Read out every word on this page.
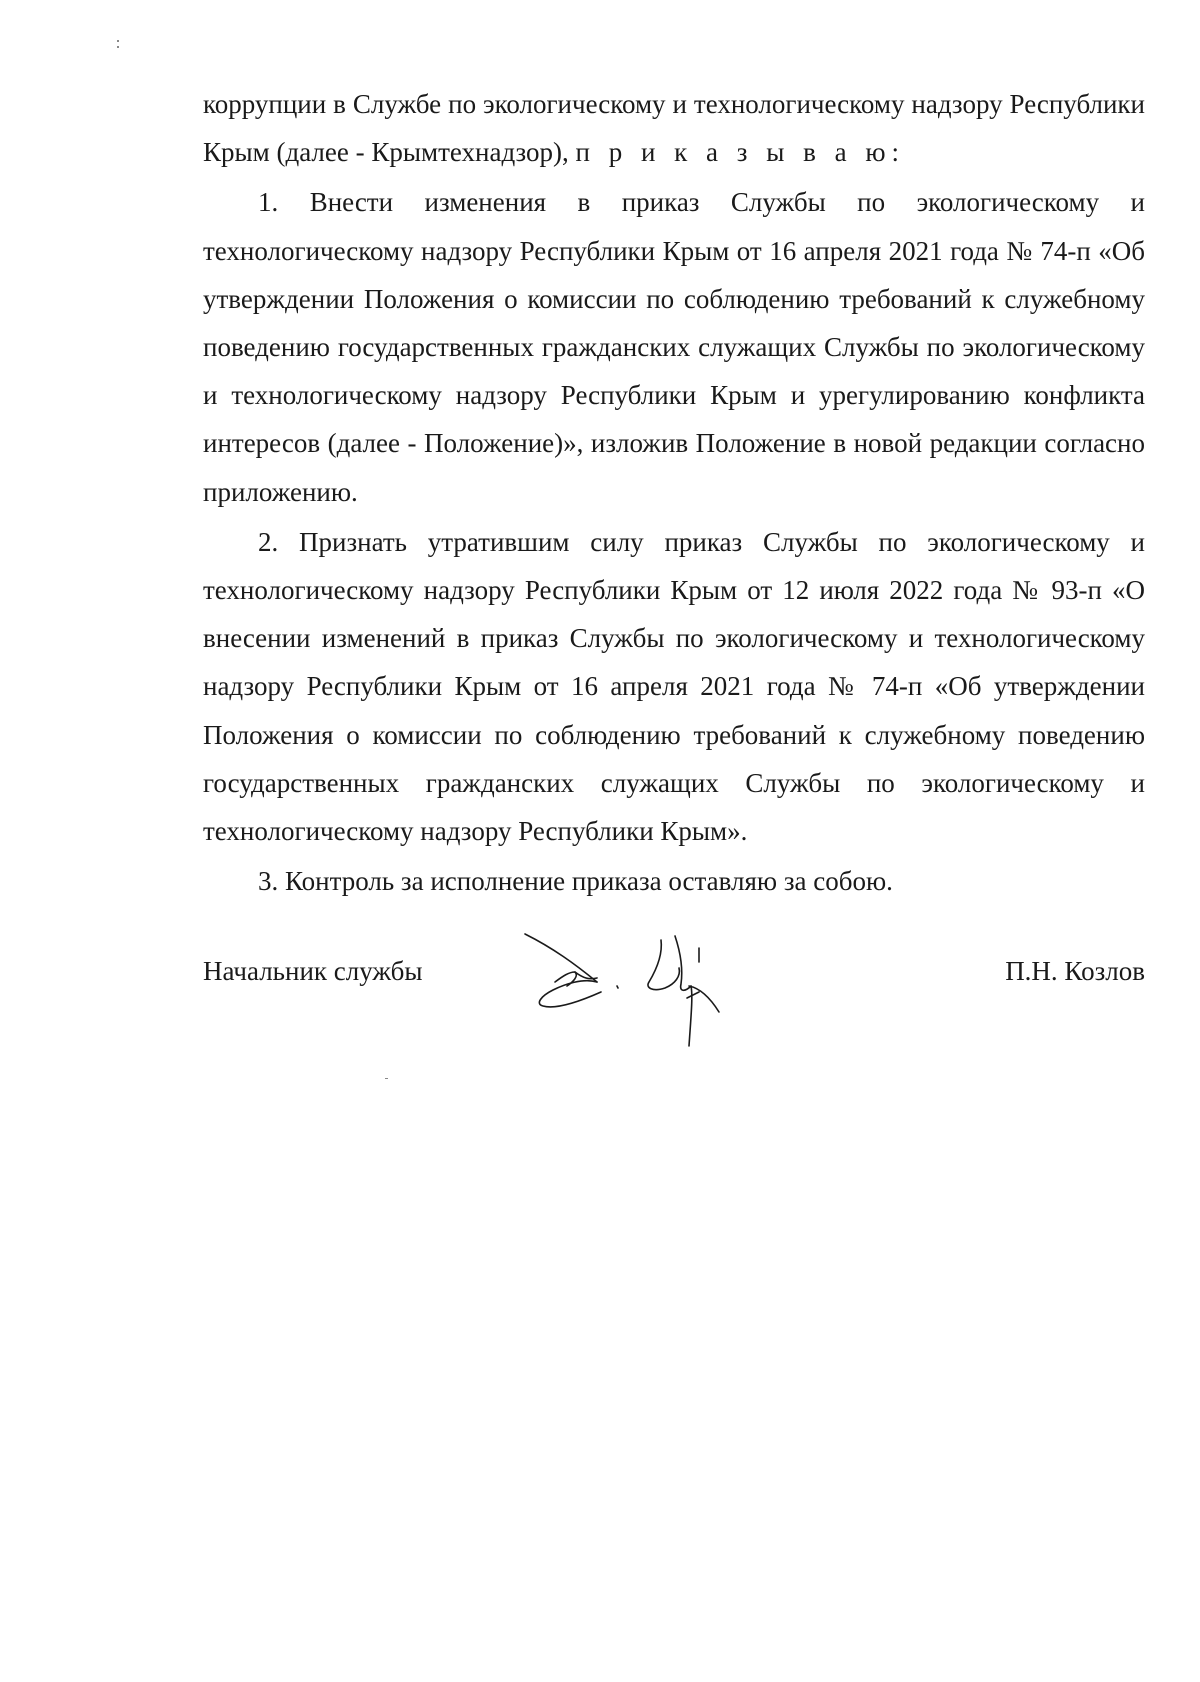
коррупции в Службе по экологическому и технологическому надзору Республики Крым (далее - Крымтехнадзор), п р и к а з ы в а ю:

1. Внести изменения в приказ Службы по экологическому и технологическому надзору Республики Крым от 16 апреля 2021 года № 74-п «Об утверждении Положения о комиссии по соблюдению требований к служебному поведению государственных гражданских служащих Службы по экологическому и технологическому надзору Республики Крым и урегулированию конфликта интересов (далее - Положение)», изложив Положение в новой редакции согласно приложению.

2. Признать утратившим силу приказ Службы по экологическому и технологическому надзору Республики Крым от 12 июля 2022 года № 93-п «О внесении изменений в приказ Службы по экологическому и технологическому надзору Республики Крым от 16 апреля 2021 года № 74-п «Об утверждении Положения о комиссии по соблюдению требований к служебному поведению государственных гражданских служащих Службы по экологическому и технологическому надзору Республики Крым».

3. Контроль за исполнение приказа оставляю за собою.

Начальник службы	П.Н. Козлов
